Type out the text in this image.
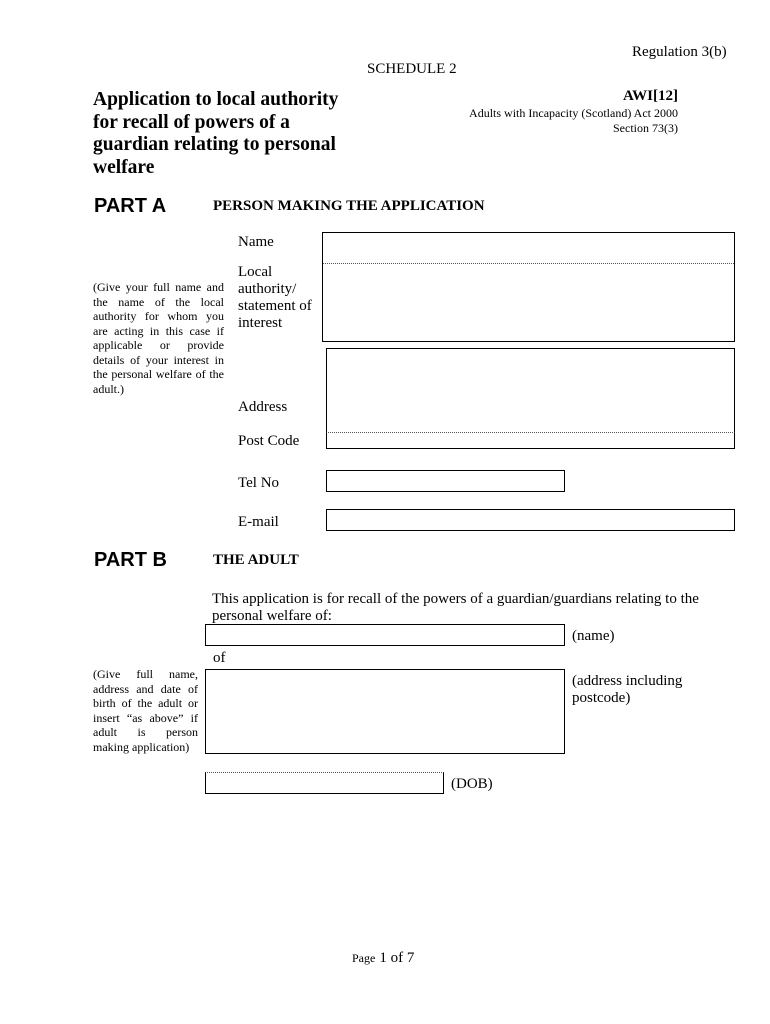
Regulation 3(b)
SCHEDULE 2
Application to local authority
for recall of powers of a
guardian relating to personal
welfare
AWI[12]
Adults with Incapacity (Scotland) Act 2000
Section 73(3)
PART A	PERSON MAKING THE APPLICATION
Name
Local
authority/
statement of
interest
(Give your full name and the name of the local authority for whom you are acting in this case if applicable or provide details of your interest in the personal welfare of the adult.)
Address
Post Code
Tel No
E-mail
PART B	THE ADULT
This application is for recall of the powers of a guardian/guardians relating to the
personal welfare of:
(name)
of
(address including
postcode)
(Give full name, address and date of birth of the adult or insert “as above” if adult is person making application)
(DOB)
Page 1 of 7
